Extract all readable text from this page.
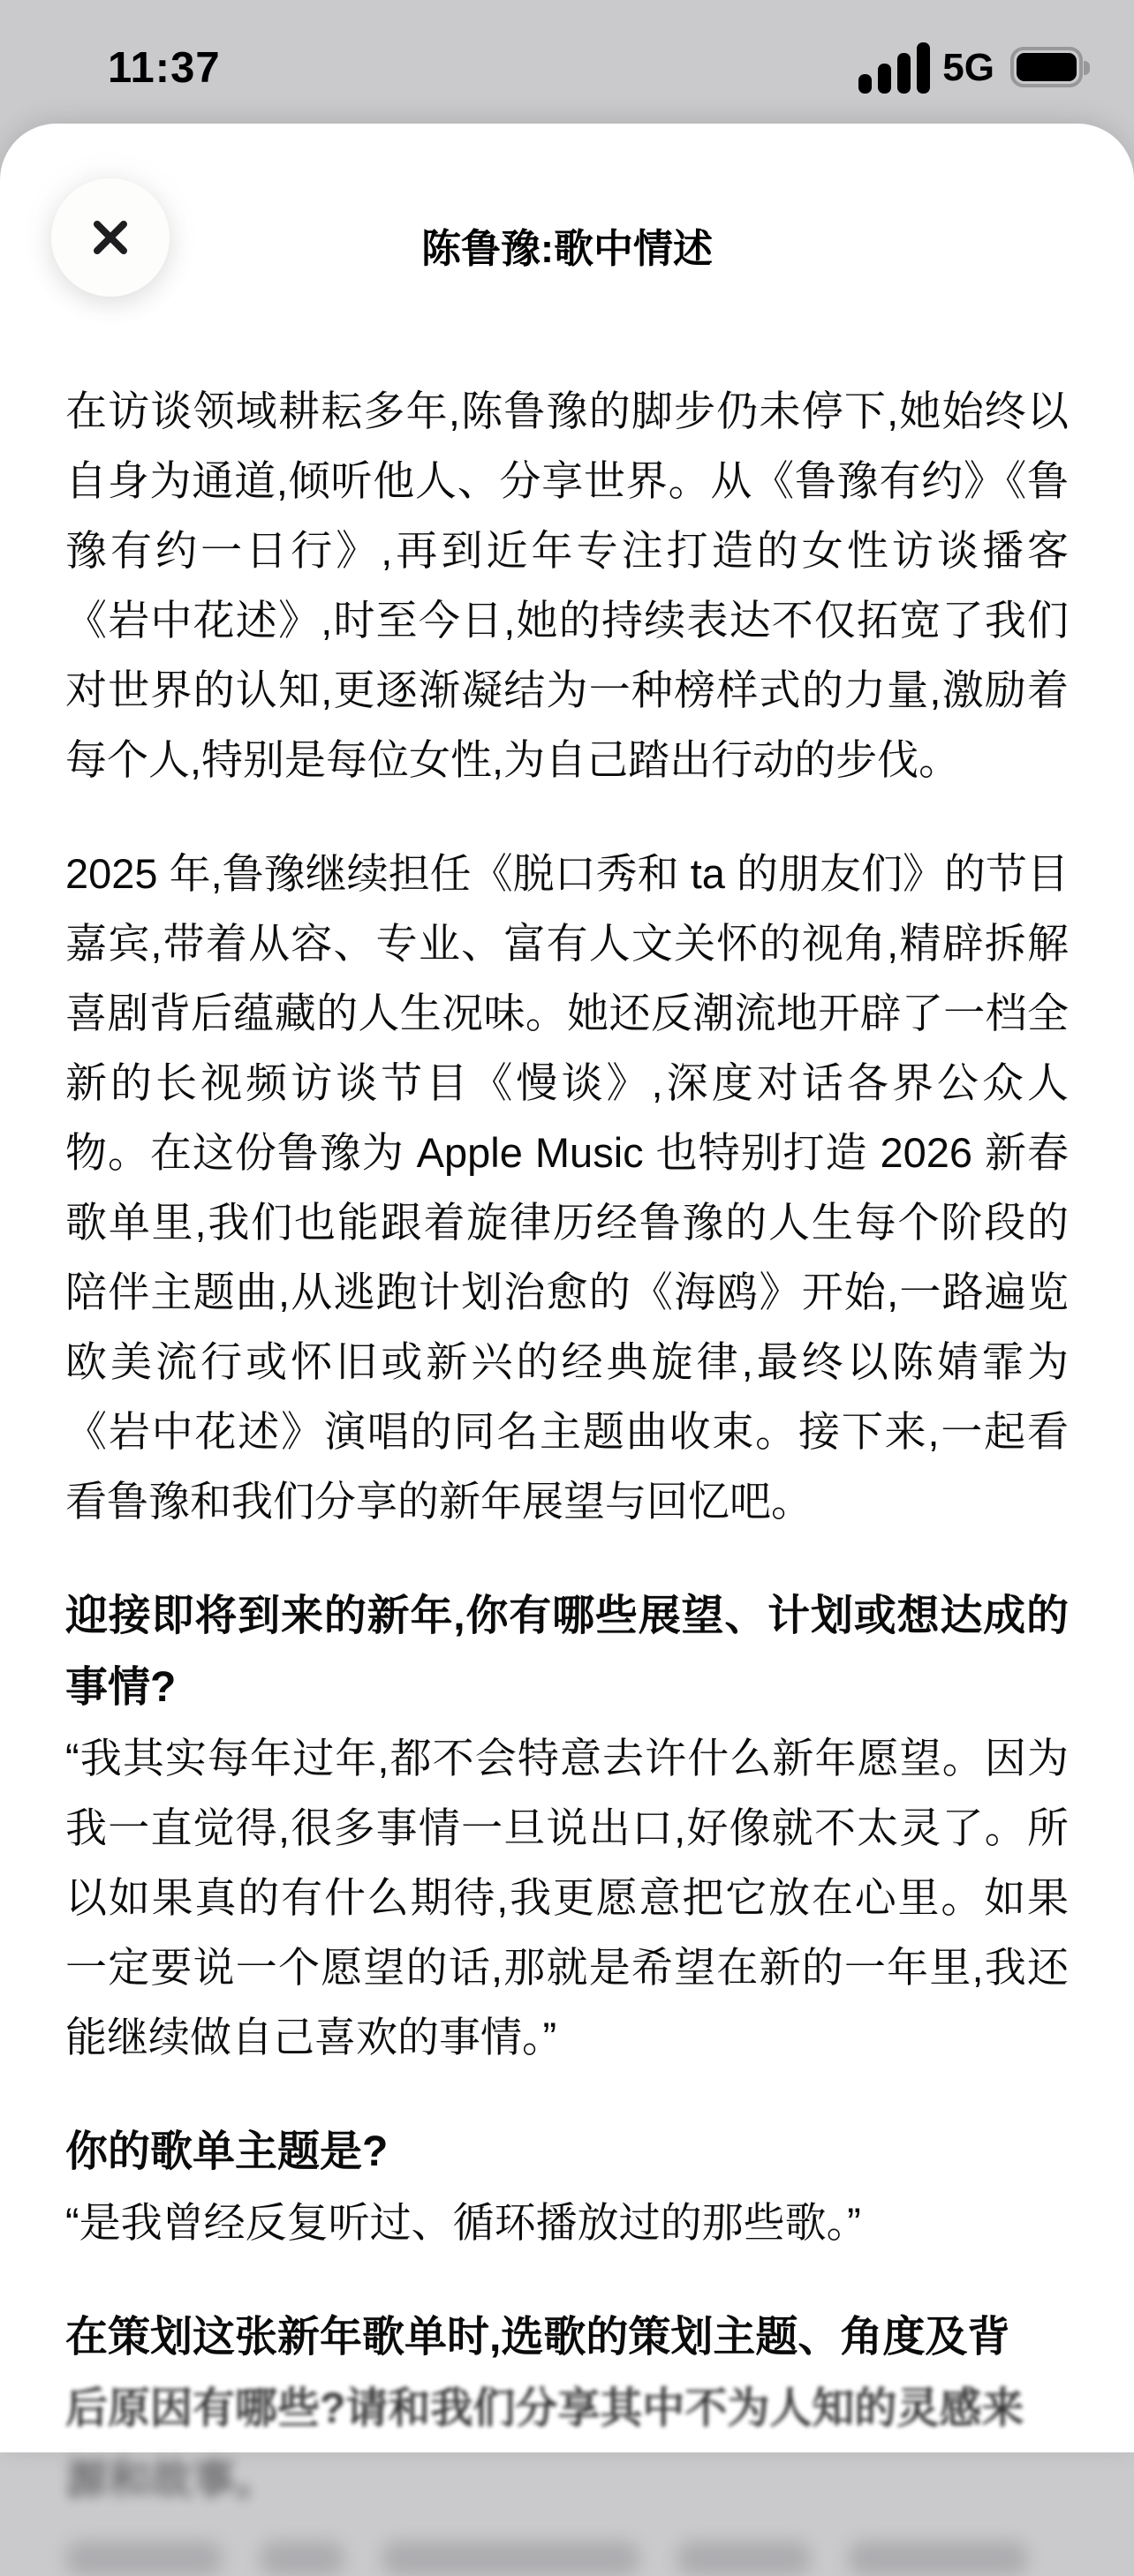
11:37	5G
陈鲁豫:歌中情述

在访谈领域耕耘多年,陈鲁豫的脚步仍未停下,她始终以自身为通道,倾听他人、分享世界。从《鲁豫有约》《鲁豫有约一日行》,再到近年专注打造的女性访谈播客《岩中花述》,时至今日,她的持续表达不仅拓宽了我们对世界的认知,更逐渐凝结为一种榜样式的力量,激励着每个人,特别是每位女性,为自己踏出行动的步伐。

2025 年,鲁豫继续担任《脱口秀和 ta 的朋友们》的节目嘉宾,带着从容、专业、富有人文关怀的视角,精辟拆解喜剧背后蕴藏的人生况味。她还反潮流地开辟了一档全新的长视频访谈节目《慢谈》,深度对话各界公众人物。在这份鲁豫为 Apple Music 也特别打造 2026 新春歌单里,我们也能跟着旋律历经鲁豫的人生每个阶段的陪伴主题曲,从逃跑计划治愈的《海鸥》开始,一路遍览欧美流行或怀旧或新兴的经典旋律,最终以陈婧霏为《岩中花述》演唱的同名主题曲收束。接下来,一起看看鲁豫和我们分享的新年展望与回忆吧。

迎接即将到来的新年,你有哪些展望、计划或想达成的事情?

“我其实每年过年,都不会特意去许什么新年愿望。因为我一直觉得,很多事情一旦说出口,好像就不太灵了。所以如果真的有什么期待,我更愿意把它放在心里。如果一定要说一个愿望的话,那就是希望在新的一年里,我还能继续做自己喜欢的事情。”

你的歌单主题是?

“是我曾经反复听过、循环播放过的那些歌。”

在策划这张新年歌单时,选歌的策划主题、角度及背

后原因有哪些?请和我们分享其中不为人知的灵感来

源和故事。
